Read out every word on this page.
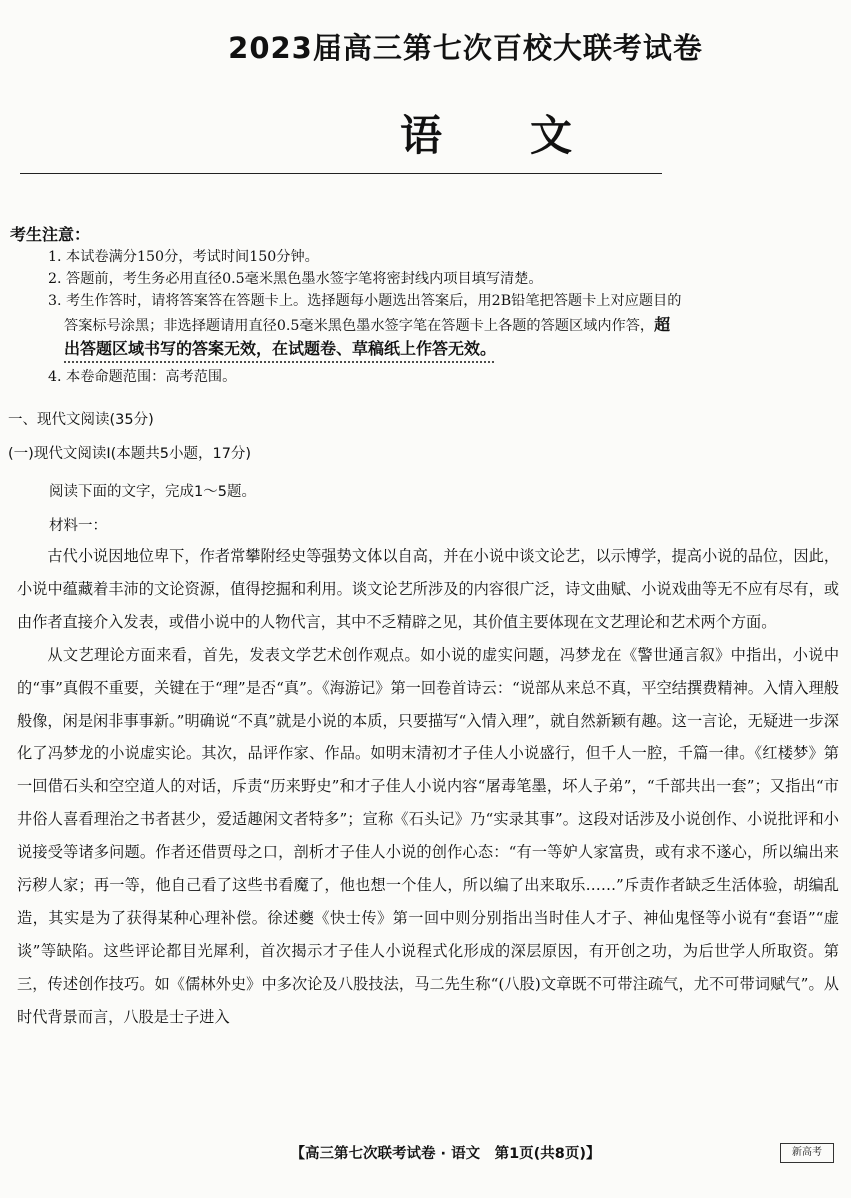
2023届高三第七次百校大联考试卷
语文
考生注意：
1. 本试卷满分150分，考试时间150分钟。
2. 答题前，考生务必用直径0.5毫米黑色墨水签字笔将密封线内项目填写清楚。
3. 考生作答时，请将答案答在答题卡上。选择题每小题选出答案后，用2B铅笔把答题卡上对应题目的
答案标号涂黑；非选择题请用直径0.5毫米黑色墨水签字笔在答题卡上各题的答题区域内作答，超
出答题区域书写的答案无效，在试题卷、草稿纸上作答无效。
4. 本卷命题范围：高考范围。
一、现代文阅读(35分)
(一)现代文阅读Ⅰ(本题共5小题，17分)
阅读下面的文字，完成1～5题。
材料一：

古代小说因地位卑下，作者常攀附经史等强势文体以自高，并在小说中谈文论艺，以示博学，提高小说的品位，因此，小说中蕴藏着丰沛的文论资源，值得挖掘和利用。谈文论艺所涉及的内容很广泛，诗文曲赋、小说戏曲等无不应有尽有，或由作者直接介入发表，或借小说中的人物代言，其中不乏精辟之见，其价值主要体现在文艺理论和艺术两个方面。

从文艺理论方面来看，首先，发表文学艺术创作观点。如小说的虚实问题，冯梦龙在《警世通言叙》中指出，小说中的“事”真假不重要，关键在于“理”是否“真”。《海游记》第一回卷首诗云：“说部从来总不真，平空结撰费精神。入情入理般般像，闲是闲非事事新。”明确说“不真”就是小说的本质，只要描写“入情入理”，就自然新颖有趣。这一言论，无疑进一步深化了冯梦龙的小说虚实论。其次，品评作家、作品。如明末清初才子佳人小说盛行，但千人一腔，千篇一律。《红楼梦》第一回借石头和空空道人的对话，斥责“历来野史”和才子佳人小说内容“屠毒笔墨，坏人子弟”，“千部共出一套”；又指出“市井俗人喜看理治之书者甚少，爱适趣闲文者特多”；宣称《石头记》乃“实录其事”。这段对话涉及小说创作、小说批评和小说接受等诸多问题。作者还借贾母之口，剖析才子佳人小说的创作心态：“有一等妒人家富贵，或有求不遂心，所以编出来污秽人家；再一等，他自己看了这些书看魔了，他也想一个佳人，所以编了出来取乐……”斥责作者缺乏生活体验，胡编乱造，其实是为了获得某种心理补偿。徐述夔《快士传》第一回中则分别指出当时佳人才子、神仙鬼怪等小说有“套语”“虚谈”等缺陷。这些评论都目光犀利，首次揭示才子佳人小说程式化形成的深层原因，有开创之功，为后世学人所取资。第三，传述创作技巧。如《儒林外史》中多次论及八股技法，马二先生称“(八股)文章既不可带注疏气，尤不可带词赋气”。从时代背景而言，八股是士子进入

【高三第七次联考试卷 · 语文　第1页(共8页)】	新高考
